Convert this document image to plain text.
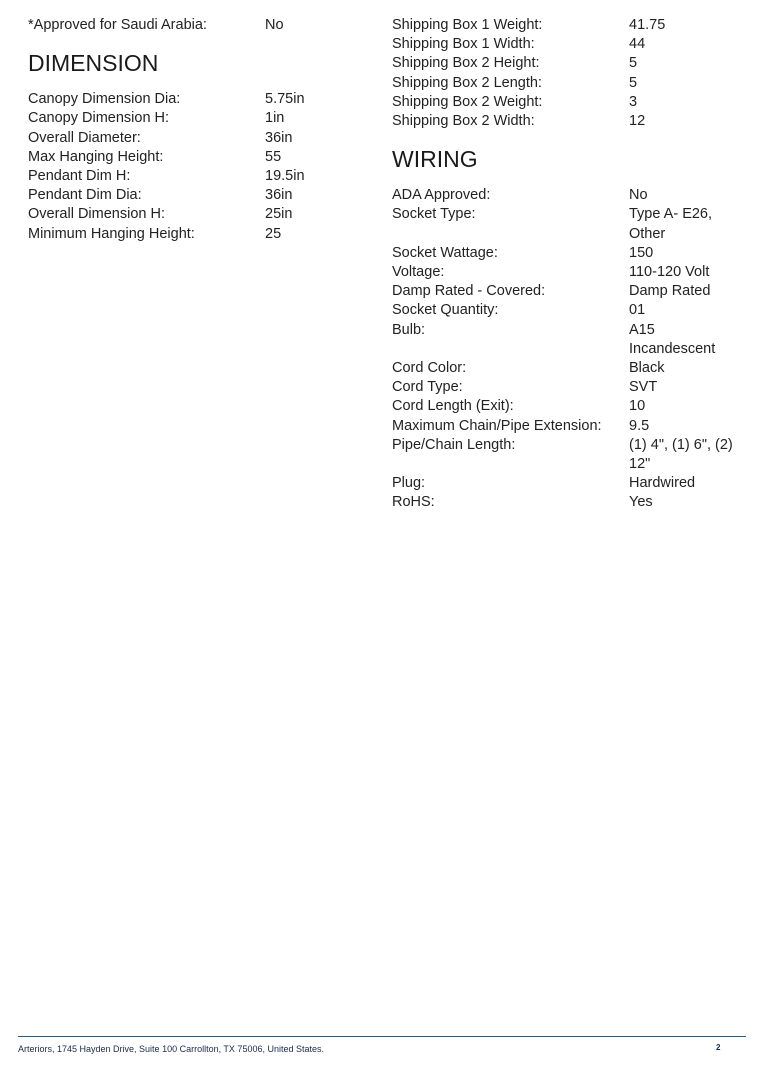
*Approved for Saudi Arabia:	No
DIMENSION
Canopy Dimension Dia:	5.75in
Canopy Dimension H:	1in
Overall Diameter:	36in
Max Hanging Height:	55
Pendant Dim H:	19.5in
Pendant Dim Dia:	36in
Overall Dimension H:	25in
Minimum Hanging Height:	25
Shipping Box 1 Weight:	41.75
Shipping Box 1 Width:	44
Shipping Box 2 Height:	5
Shipping Box 2 Length:	5
Shipping Box 2 Weight:	3
Shipping Box 2 Width:	12
WIRING
ADA Approved:	No
Socket Type:	Type A- E26, Other
Socket Wattage:	150
Voltage:	110-120 Volt
Damp Rated - Covered:	Damp Rated
Socket Quantity:	01
Bulb:	A15 Incandescent
Cord Color:	Black
Cord Type:	SVT
Cord Length (Exit):	10
Maximum Chain/Pipe Extension:	9.5
Pipe/Chain Length:	(1) 4", (1) 6", (2) 12"
Plug:	Hardwired
RoHS:	Yes
Arteriors, 1745 Hayden Drive, Suite 100 Carrollton, TX 75006, United States.	2
